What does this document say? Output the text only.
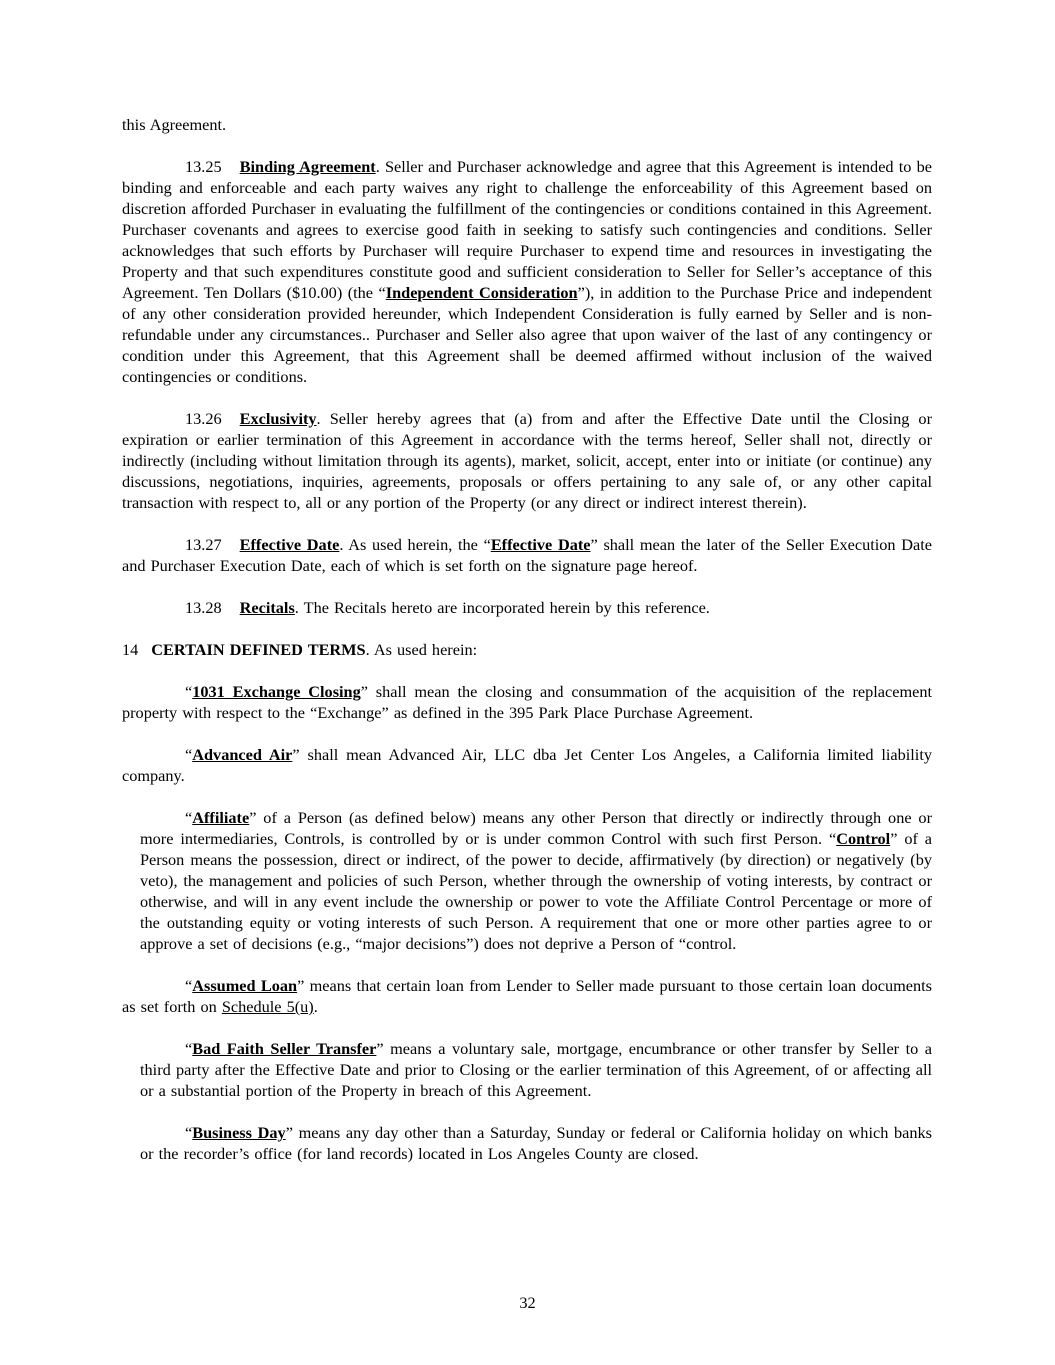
this Agreement.

13.25 Binding Agreement. Seller and Purchaser acknowledge and agree that this Agreement is intended to be binding and enforceable and each party waives any right to challenge the enforceability of this Agreement based on discretion afforded Purchaser in evaluating the fulfillment of the contingencies or conditions contained in this Agreement. Purchaser covenants and agrees to exercise good faith in seeking to satisfy such contingencies and conditions. Seller acknowledges that such efforts by Purchaser will require Purchaser to expend time and resources in investigating the Property and that such expenditures constitute good and sufficient consideration to Seller for Seller’s acceptance of this Agreement. Ten Dollars ($10.00) (the “Independent Consideration”), in addition to the Purchase Price and independent of any other consideration provided hereunder, which Independent Consideration is fully earned by Seller and is non-refundable under any circumstances.. Purchaser and Seller also agree that upon waiver of the last of any contingency or condition under this Agreement, that this Agreement shall be deemed affirmed without inclusion of the waived contingencies or conditions.

13.26 Exclusivity. Seller hereby agrees that (a) from and after the Effective Date until the Closing or expiration or earlier termination of this Agreement in accordance with the terms hereof, Seller shall not, directly or indirectly (including without limitation through its agents), market, solicit, accept, enter into or initiate (or continue) any discussions, negotiations, inquiries, agreements, proposals or offers pertaining to any sale of, or any other capital transaction with respect to, all or any portion of the Property (or any direct or indirect interest therein).

13.27 Effective Date. As used herein, the “Effective Date” shall mean the later of the Seller Execution Date and Purchaser Execution Date, each of which is set forth on the signature page hereof.

13.28 Recitals. The Recitals hereto are incorporated herein by this reference.

14 CERTAIN DEFINED TERMS. As used herein:

“1031 Exchange Closing” shall mean the closing and consummation of the acquisition of the replacement property with respect to the “Exchange” as defined in the 395 Park Place Purchase Agreement.

“Advanced Air” shall mean Advanced Air, LLC dba Jet Center Los Angeles, a California limited liability company.

“Affiliate” of a Person (as defined below) means any other Person that directly or indirectly through one or more intermediaries, Controls, is controlled by or is under common Control with such first Person. “Control” of a Person means the possession, direct or indirect, of the power to decide, affirmatively (by direction) or negatively (by veto), the management and policies of such Person, whether through the ownership of voting interests, by contract or otherwise, and will in any event include the ownership or power to vote the Affiliate Control Percentage or more of the outstanding equity or voting interests of such Person. A requirement that one or more other parties agree to or approve a set of decisions (e.g., “major decisions”) does not deprive a Person of “control.

“Assumed Loan” means that certain loan from Lender to Seller made pursuant to those certain loan documents as set forth on Schedule 5(u).

“Bad Faith Seller Transfer” means a voluntary sale, mortgage, encumbrance or other transfer by Seller to a third party after the Effective Date and prior to Closing or the earlier termination of this Agreement, of or affecting all or a substantial portion of the Property in breach of this Agreement.

“Business Day” means any day other than a Saturday, Sunday or federal or California holiday on which banks or the recorder’s office (for land records) located in Los Angeles County are closed.

32
